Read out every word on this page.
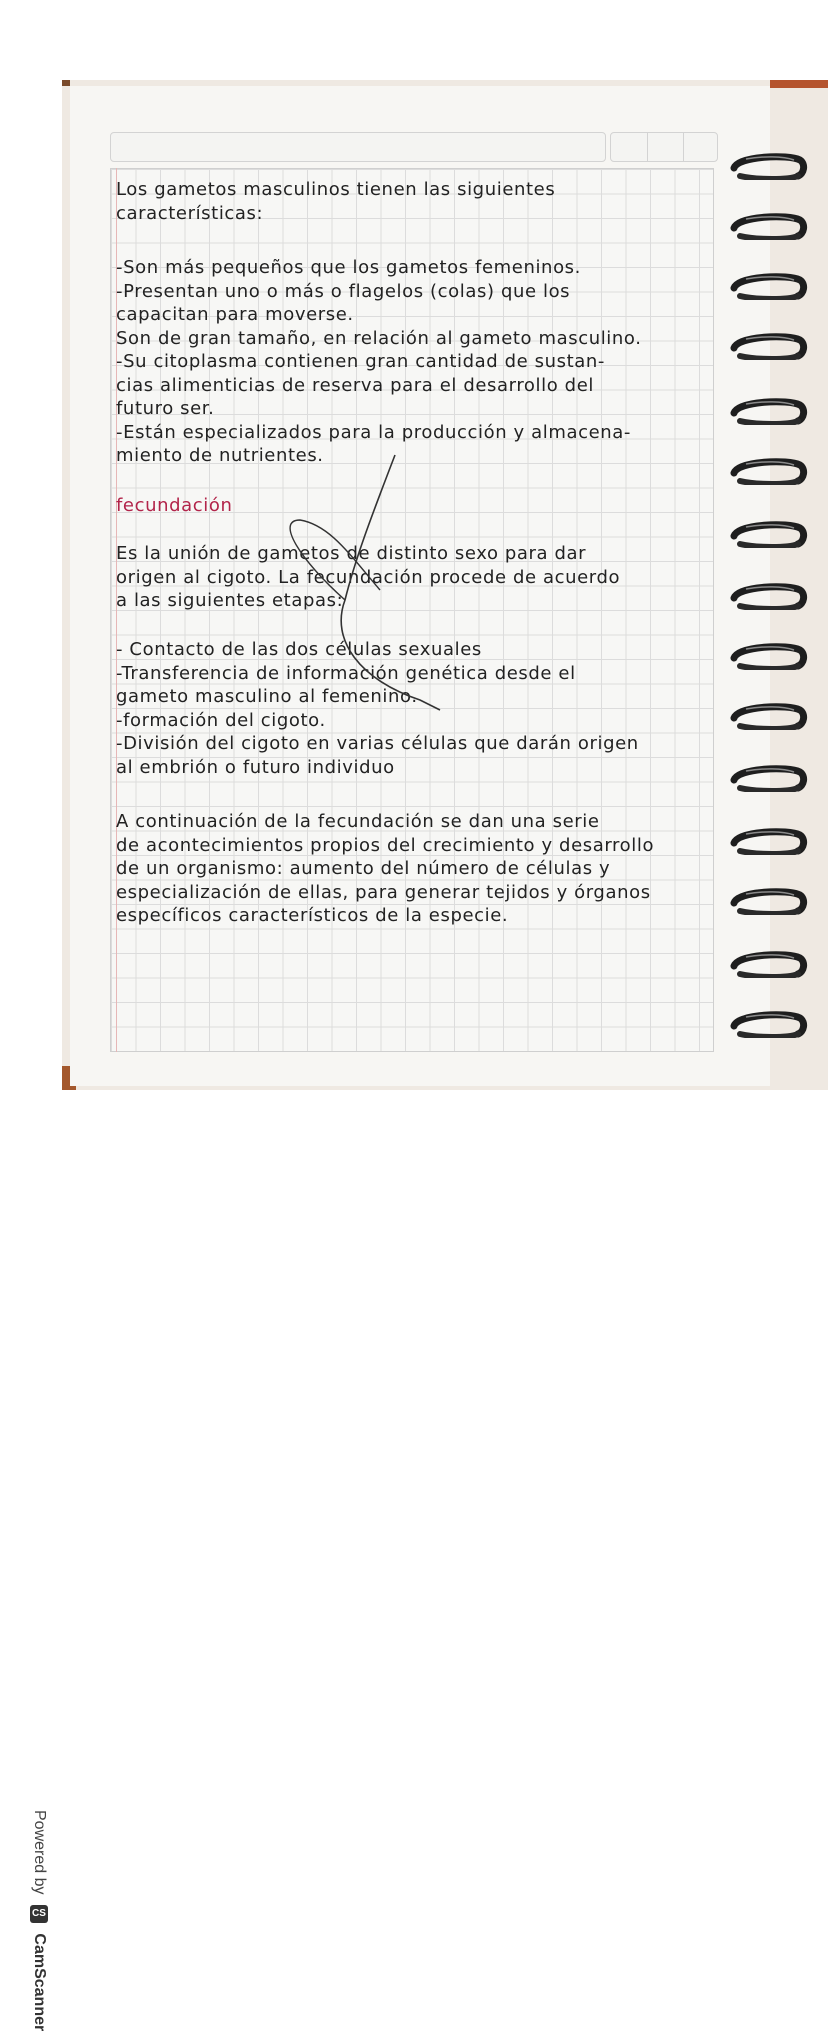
Los gametos masculinos tienen las siguientes
características:
-Son más pequeños que los gametos femeninos.
-Presentan uno o más o flagelos (colas) que los
capacitan para moverse.
Son de gran tamaño, en relación al gameto masculino.
-Su citoplasma contienen gran cantidad de sustan-
cias alimenticias de reserva para el desarrollo del
futuro ser.
-Están especializados para la producción y almacena-
miento de nutrientes.
fecundación
Es la unión de gametos de distinto sexo para dar
origen al cigoto. La fecundación procede de acuerdo
a las siguientes etapas:
- Contacto de las dos células sexuales
-Transferencia de información genética desde el
gameto masculino al femenino.
-formación del cigoto.
-División del cigoto en varias células que darán origen
al embrión o futuro individuo
A continuación de la fecundación se dan una serie
de acontecimientos propios del crecimiento y desarrollo
de un organismo: aumento del número de células y
especialización de ellas, para generar tejidos y órganos
específicos característicos de la especie.
Powered by CS CamScanner
